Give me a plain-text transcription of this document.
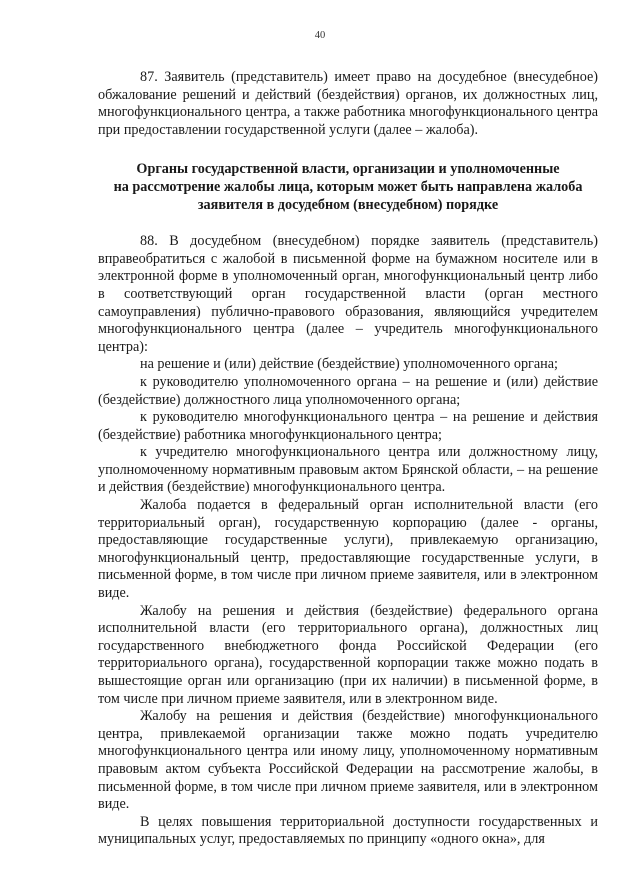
40

87. Заявитель (представитель) имеет право на досудебное (внесудебное) обжалование решений и действий (бездействия) органов, их должностных лиц, многофункционального центра, а также работника многофункционального центра при предоставлении государственной услуги (далее – жалоба).

Органы государственной власти, организации и уполномоченные
на рассмотрение жалобы лица, которым может быть направлена жалоба
заявителя в досудебном (внесудебном) порядке

88. В досудебном (внесудебном) порядке заявитель (представитель) вправеобратиться с жалобой в письменной форме на бумажном носителе или в электронной форме в уполномоченный орган, многофункциональный центр либо в соответствующий орган государственной власти (орган местного самоуправления) публично-правового образования, являющийся учредителем многофункционального центра (далее – учредитель многофункционального центра):

на решение и (или) действие (бездействие) уполномоченного органа;

к руководителю уполномоченного органа – на решение и (или) действие (бездействие) должностного лица уполномоченного органа;

к руководителю многофункционального центра – на решение и действия (бездействие) работника многофункционального центра;

к учредителю многофункционального центра или должностному лицу, уполномоченному нормативным правовым актом Брянской области, – на решение и действия (бездействие) многофункционального центра.

Жалоба подается в федеральный орган исполнительной власти (его территориальный орган), государственную корпорацию (далее - органы, предоставляющие государственные услуги), привлекаемую организацию, многофункциональный центр, предоставляющие государственные услуги, в письменной форме, в том числе при личном приеме заявителя, или в электронном виде.

Жалобу на решения и действия (бездействие) федерального органа исполнительной власти (его территориального органа), должностных лиц государственного внебюджетного фонда Российской Федерации (его территориального органа), государственной корпорации также можно подать в вышестоящие орган или организацию (при их наличии) в письменной форме, в том числе при личном приеме заявителя, или в электронном виде.

Жалобу на решения и действия (бездействие) многофункционального центра, привлекаемой организации также можно подать учредителю многофункционального центра или иному лицу, уполномоченному нормативным правовым актом субъекта Российской Федерации на рассмотрение жалобы, в письменной форме, в том числе при личном приеме заявителя, или в электронном виде.

В целях повышения территориальной доступности государственных и муниципальных услуг, предоставляемых по принципу «одного окна», для
